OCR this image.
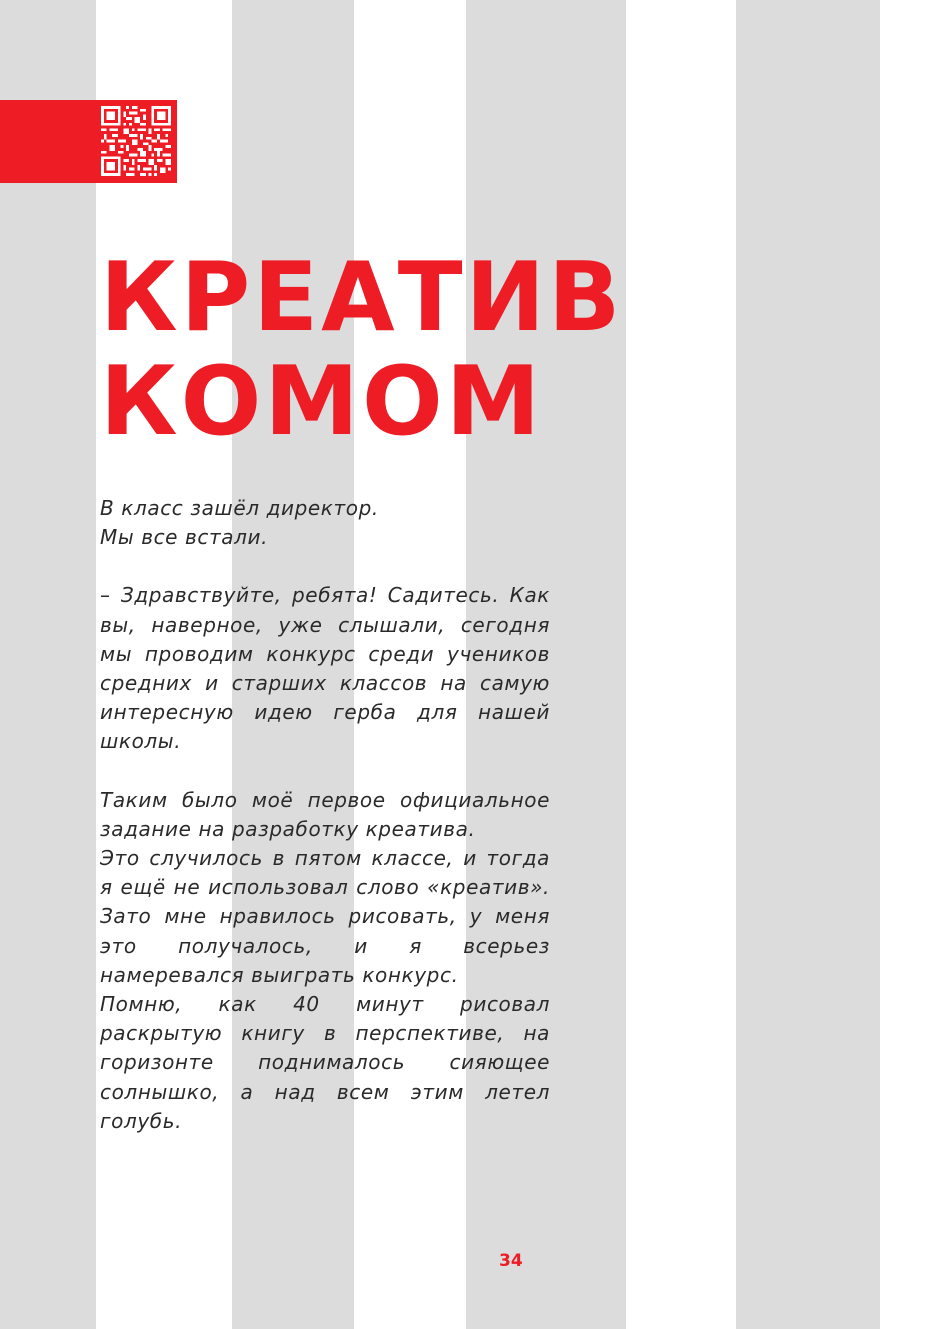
КРЕАТИВ
КОМОМ

В класс зашёл директор.
Мы все встали.

– Здравствуйте, ребята! Садитесь. Как вы, наверное, уже слышали, сегодня мы проводим конкурс среди учеников средних и старших классов на самую интересную идею герба для нашей школы.

Таким было моё первое официальное задание на разработку креатива.

Это случилось в пятом классе, и тогда я ещё не использовал слово «креатив». Зато мне нравилось рисовать, у меня это получалось, и я всерьез намеревался выиграть конкурс.

Помню, как 40 минут рисовал раскрытую книгу в перспективе, на горизонте поднималось сияющее солнышко, а над всем этим летел голубь.

34
